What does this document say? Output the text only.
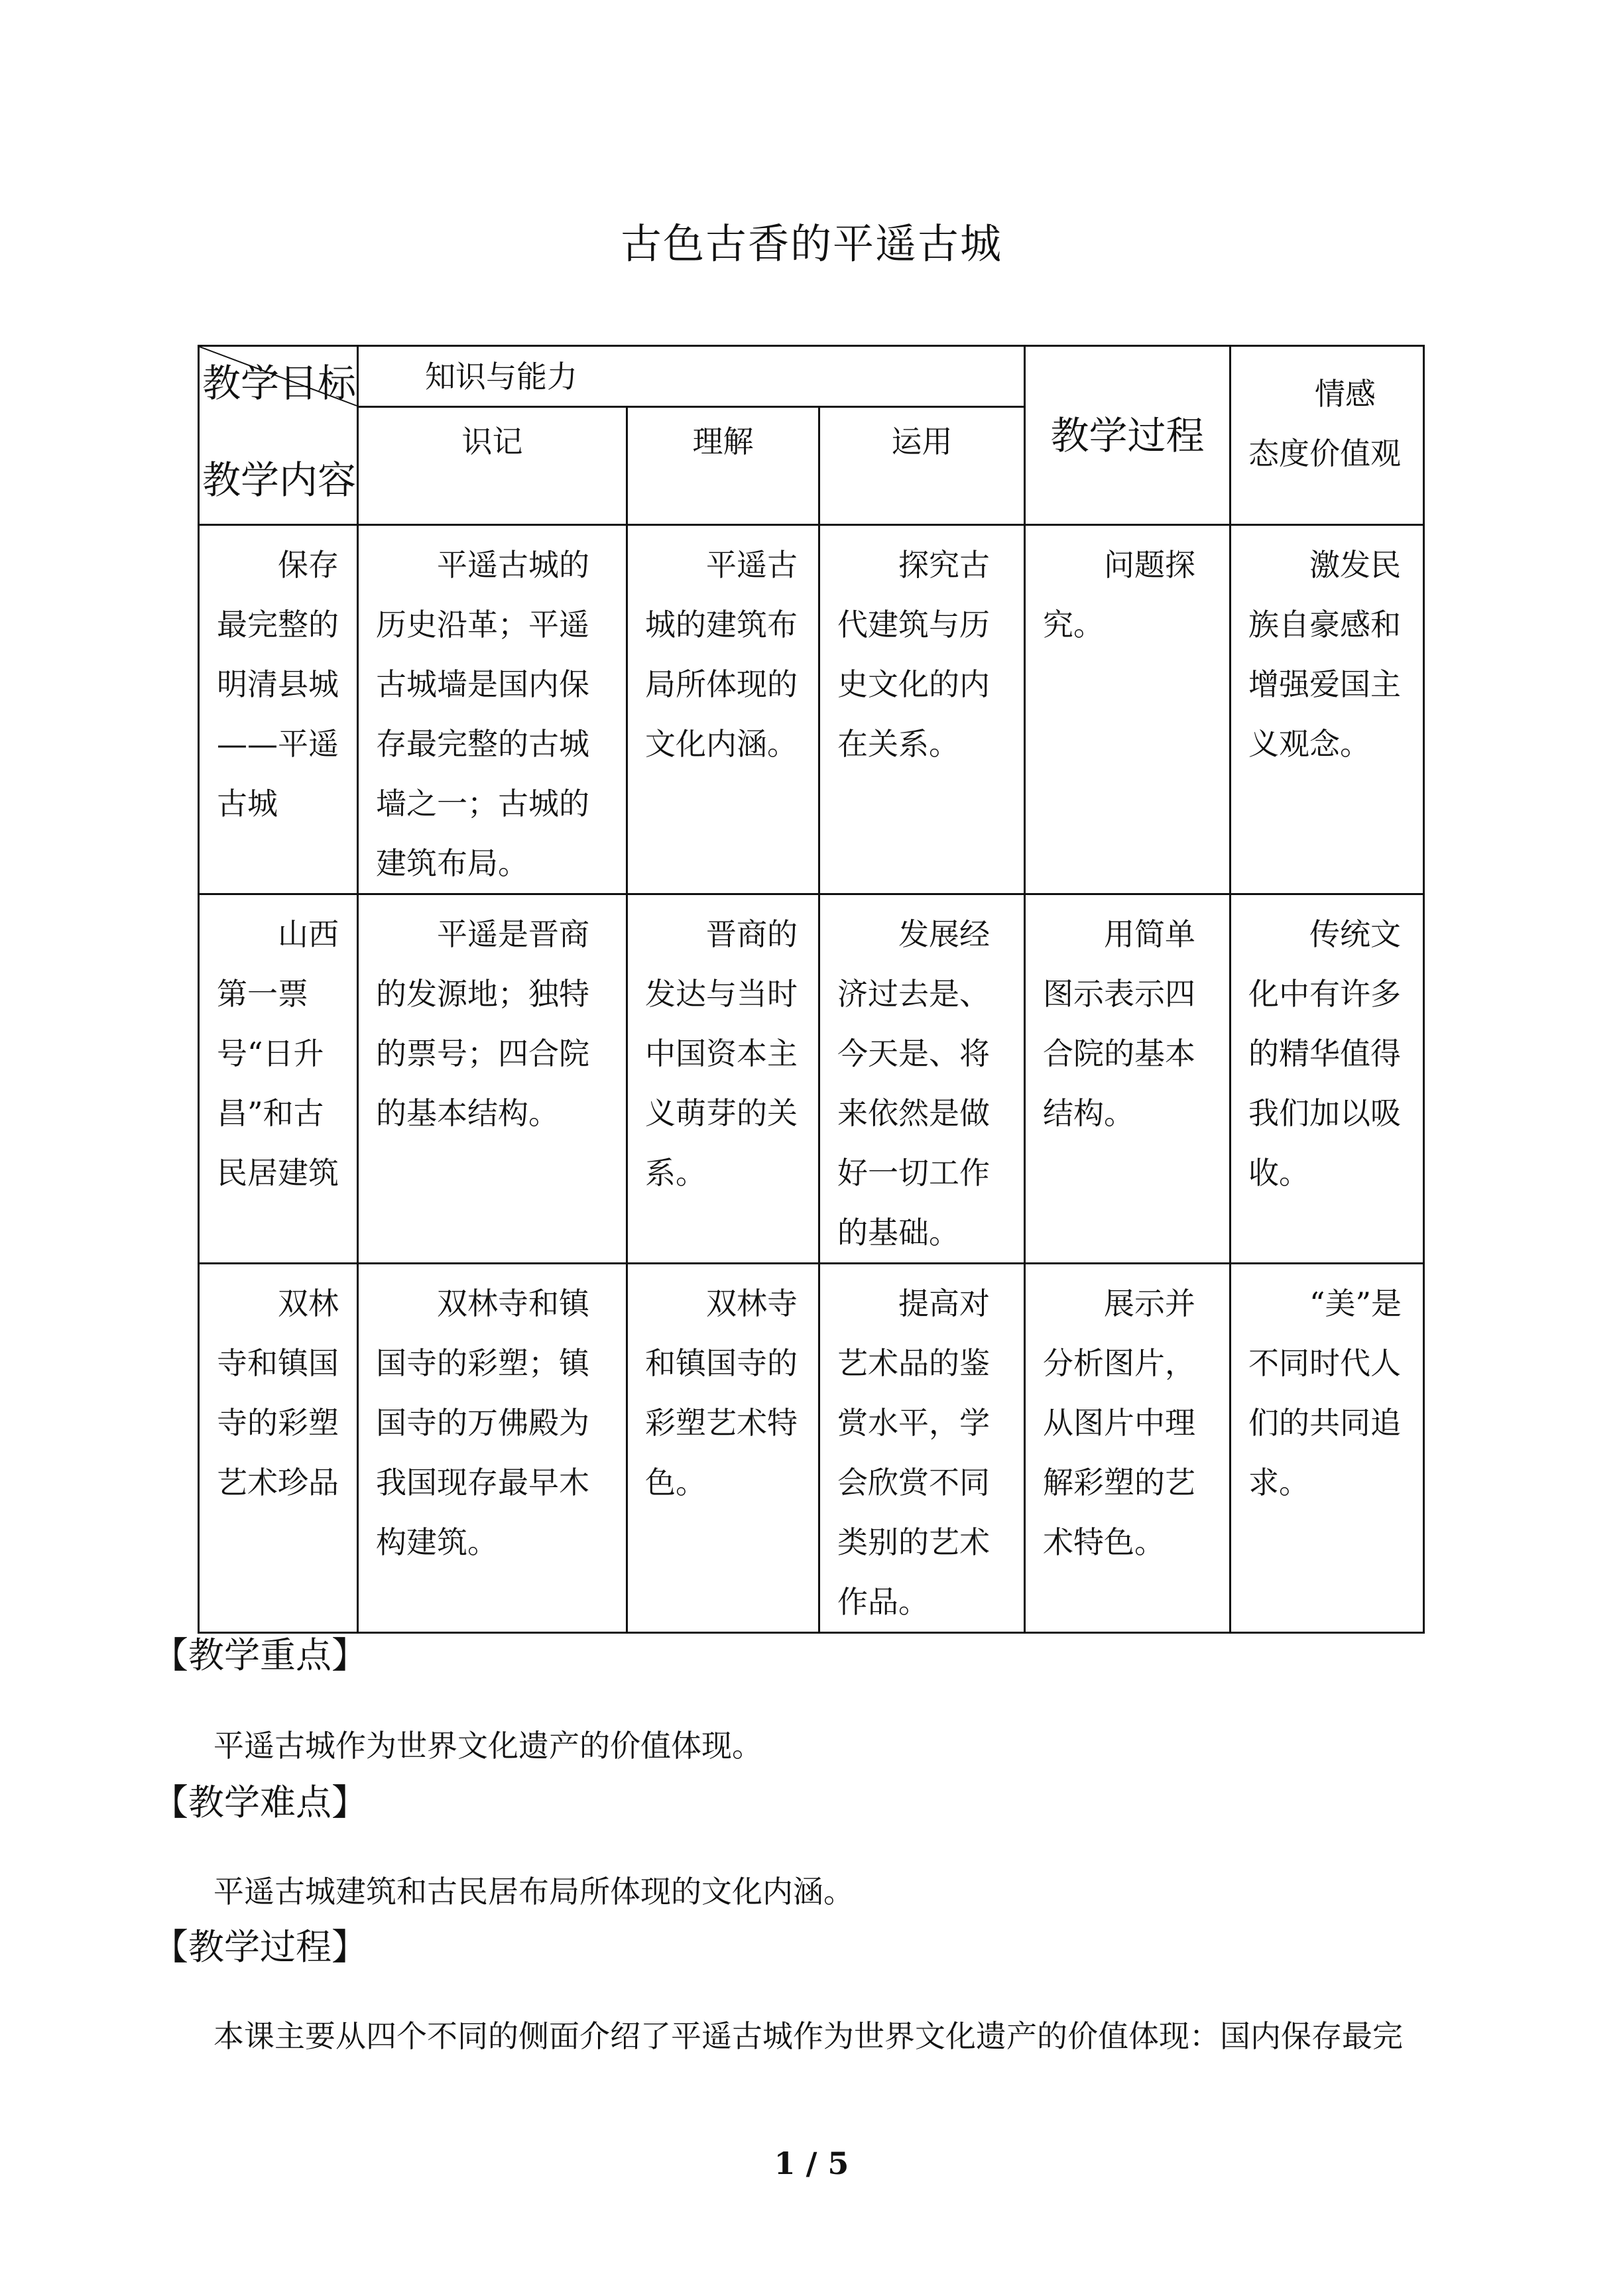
古色古香的平遥古城
教学目标
教学内容	知识与能力			教学过程	情感态度价值观

	识记	理解	运用		

保存最完整的明清县城——平遥古城	平遥古城的历史沿革；平遥古城墙是国内保存最完整的古城墙之一；古城的建筑布局。	平遥古城的建筑布局所体现的文化内涵。	探究古代建筑与历史文化的内在关系。	问题探究。	激发民族自豪感和增强爱国主义观念。

山西第一票号“日升昌”和古民居建筑	平遥是晋商的发源地；独特的票号；四合院的基本结构。	晋商的发达与当时中国资本主义萌芽的关系。	发展经济过去是、今天是、将来依然是做好一切工作的基础。	用简单图示表示四合院的基本结构。	传统文化中有许多的精华值得我们加以吸收。

双林寺和镇国寺的彩塑艺术珍品	双林寺和镇国寺的彩塑；镇国寺的万佛殿为我国现存最早木构建筑。	双林寺和镇国寺的彩塑艺术特色。	提高对艺术品的鉴赏水平，学会欣赏不同类别的艺术作品。	展示并分析图片，从图片中理解彩塑的艺术特色。	“美”是不同时代人们的共同追求。

【教学重点】
平遥古城作为世界文化遗产的价值体现。
【教学难点】
平遥古城建筑和古民居布局所体现的文化内涵。
【教学过程】
本课主要从四个不同的侧面介绍了平遥古城作为世界文化遗产的价值体现：国内保存最完
1 / 5
